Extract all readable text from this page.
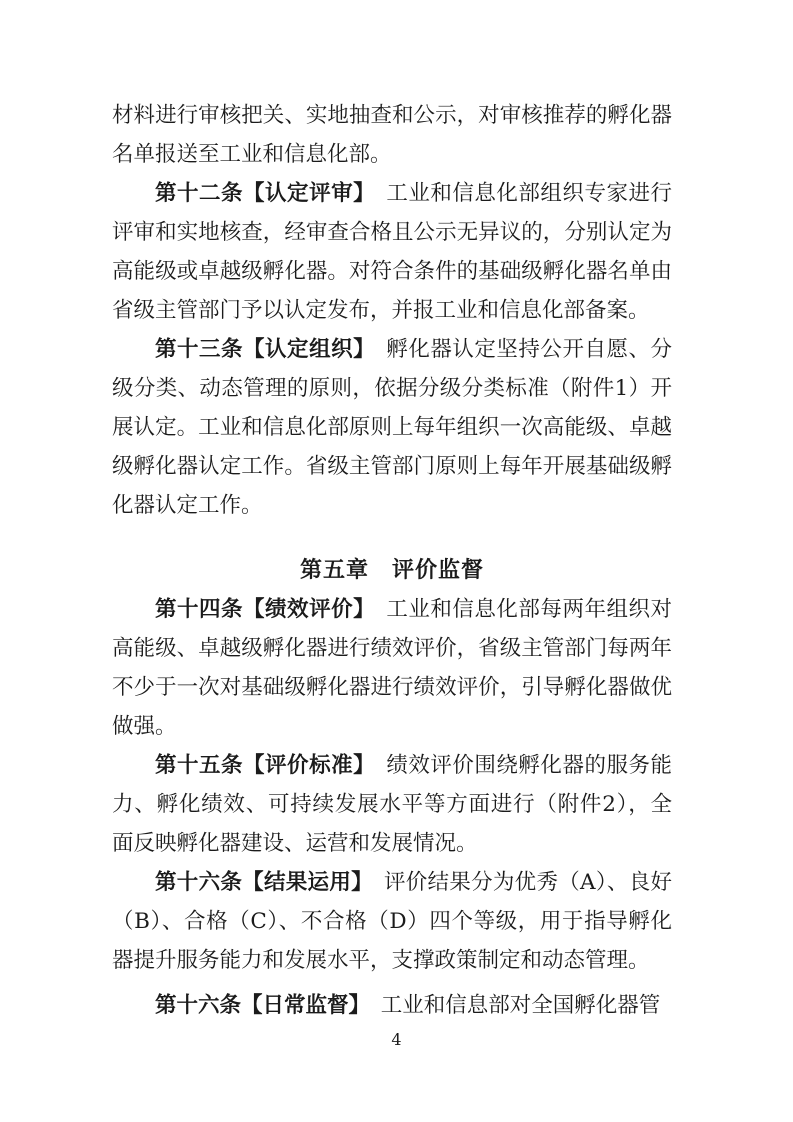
材料进行审核把关、实地抽查和公示，对审核推荐的孵化器名单报送至工业和信息化部。

第十二条【认定评审】　工业和信息化部组织专家进行评审和实地核查，经审查合格且公示无异议的，分别认定为高能级或卓越级孵化器。对符合条件的基础级孵化器名单由省级主管部门予以认定发布，并报工业和信息化部备案。

第十三条【认定组织】　孵化器认定坚持公开自愿、分级分类、动态管理的原则，依据分级分类标准（附件1）开展认定。工业和信息化部原则上每年组织一次高能级、卓越级孵化器认定工作。省级主管部门原则上每年开展基础级孵化器认定工作。

第五章　评价监督

第十四条【绩效评价】　工业和信息化部每两年组织对高能级、卓越级孵化器进行绩效评价，省级主管部门每两年不少于一次对基础级孵化器进行绩效评价，引导孵化器做优做强。

第十五条【评价标准】　绩效评价围绕孵化器的服务能力、孵化绩效、可持续发展水平等方面进行（附件2），全面反映孵化器建设、运营和发展情况。

第十六条【结果运用】　评价结果分为优秀（A）、良好（B）、合格（C）、不合格（D）四个等级，用于指导孵化器提升服务能力和发展水平，支撑政策制定和动态管理。

第十六条【日常监督】　工业和信息部对全国孵化器管

4
